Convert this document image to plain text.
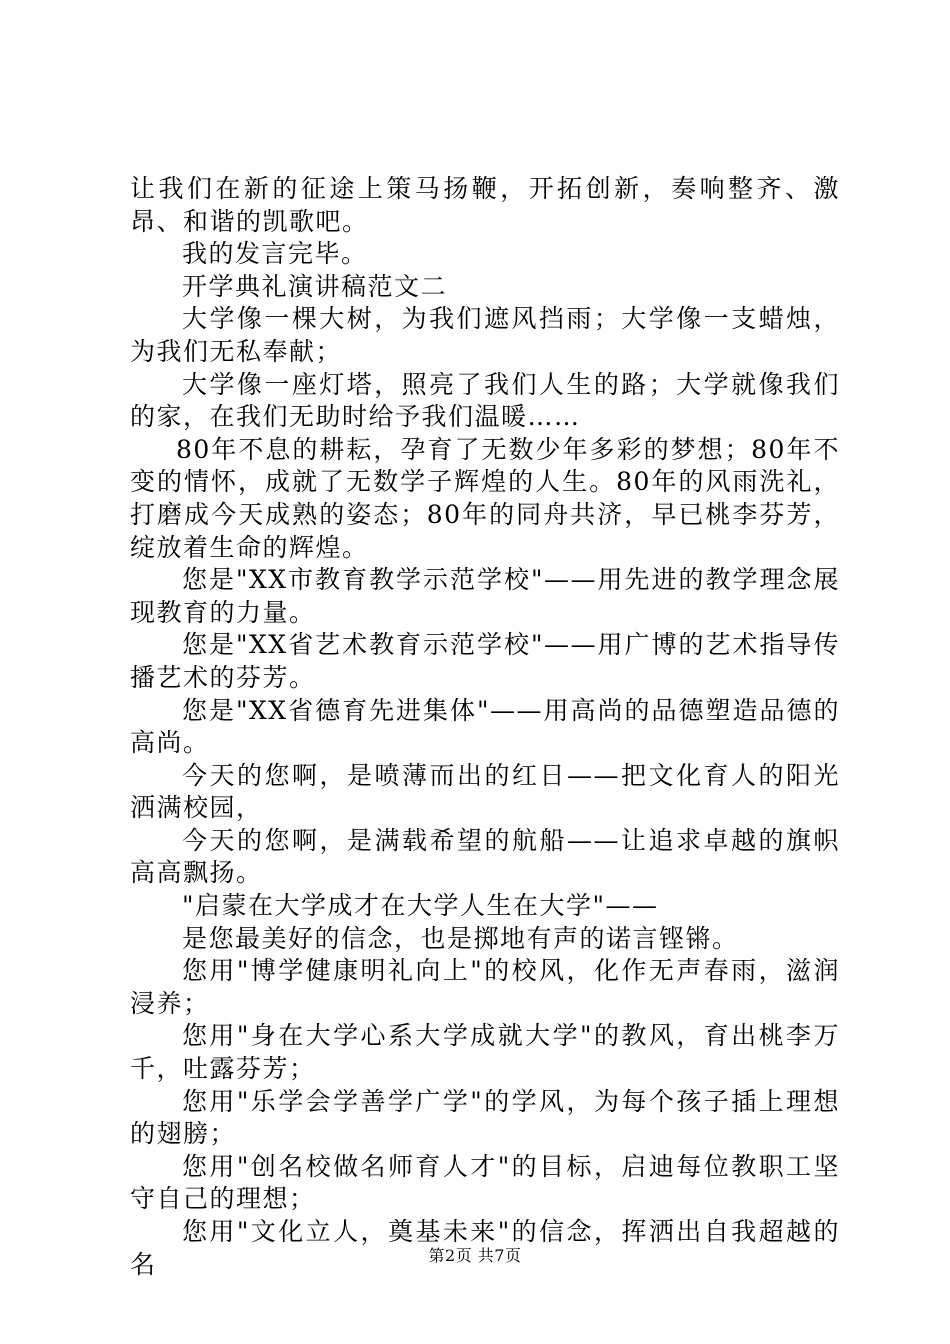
让我们在新的征途上策马扬鞭，开拓创新，奏响整齐、激昂、和谐的凯歌吧。

我的发言完毕。

开学典礼演讲稿范文二

大学像一棵大树，为我们遮风挡雨；大学像一支蜡烛，为我们无私奉献；

大学像一座灯塔，照亮了我们人生的路；大学就像我们的家，在我们无助时给予我们温暖……

80年不息的耕耘，孕育了无数少年多彩的梦想；80年不变的情怀，成就了无数学子辉煌的人生。80年的风雨洗礼，打磨成今天成熟的姿态；80年的同舟共济，早已桃李芬芳，绽放着生命的辉煌。

您是"XX市教育教学示范学校"——用先进的教学理念展现教育的力量。

您是"XX省艺术教育示范学校"——用广博的艺术指导传播艺术的芬芳。

您是"XX省德育先进集体"——用高尚的品德塑造品德的高尚。

今天的您啊，是喷薄而出的红日——把文化育人的阳光洒满校园，

今天的您啊，是满载希望的航船——让追求卓越的旗帜高高飘扬。

"启蒙在大学成才在大学人生在大学"——

是您最美好的信念，也是掷地有声的诺言铿锵。

您用"博学健康明礼向上"的校风，化作无声春雨，滋润浸养；

您用"身在大学心系大学成就大学"的教风，育出桃李万千，吐露芬芳；

您用"乐学会学善学广学"的学风，为每个孩子插上理想的翅膀；

您用"创名校做名师育人才"的目标，启迪每位教职工坚守自己的理想；

您用"文化立人，奠基未来"的信念，挥洒出自我超越的名	第2页 共7页
